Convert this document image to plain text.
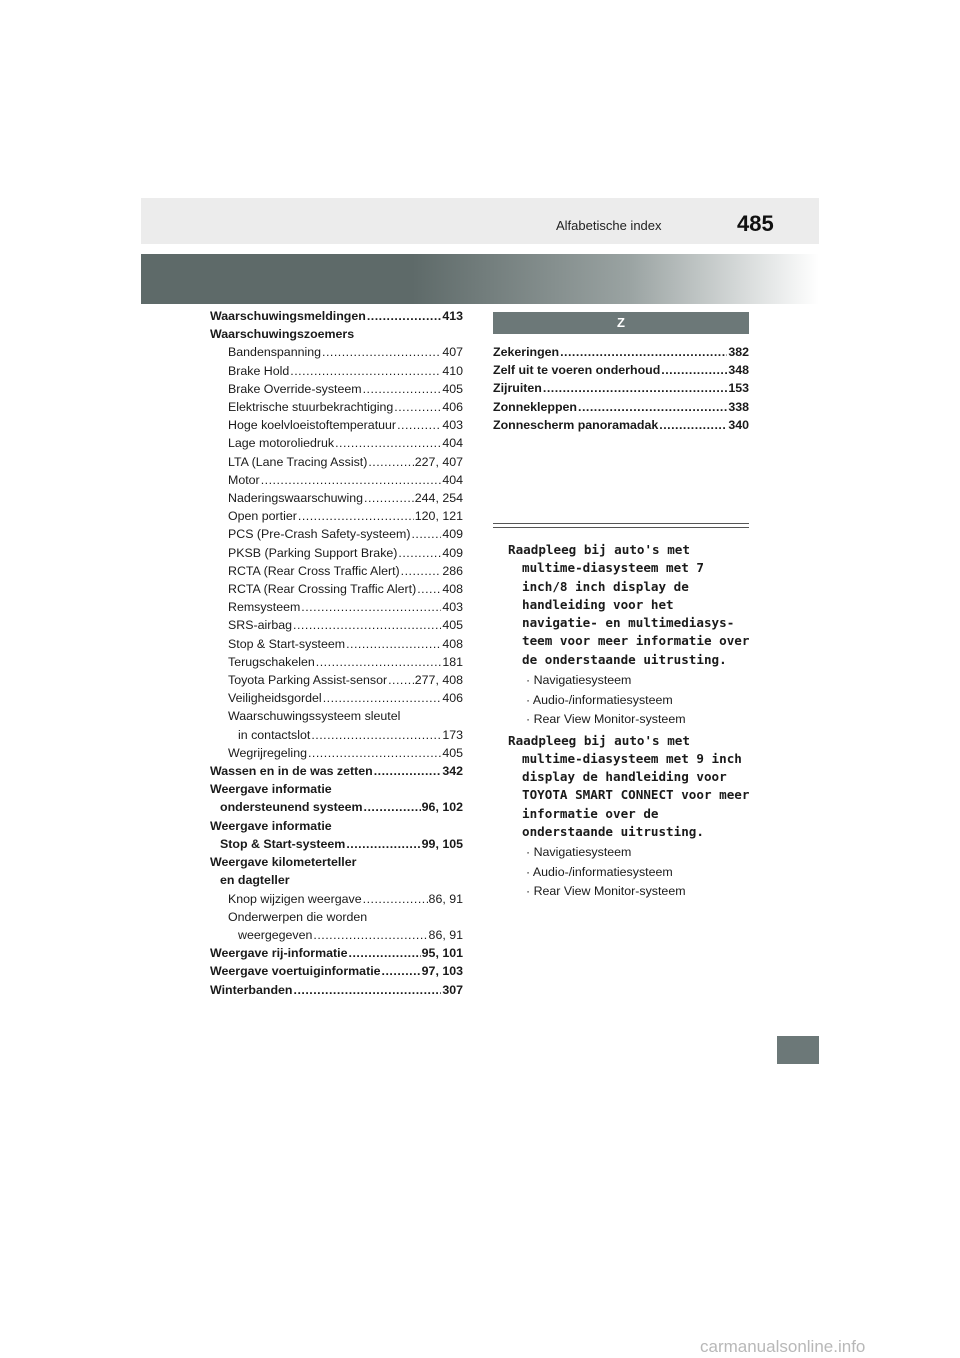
Alfabetische index	485
Waarschuwingsmeldingen .....	413
Waarschuwingszoemers
Bandenspanning .....	407
Brake Hold .....	410
Brake Override-systeem .....	405
Elektrische stuurbekrachtiging .....	406
Hoge koelvloeistoftemperatuur .....	403
Lage motoroliedruk .....	404
LTA (Lane Tracing Assist) .....	227, 407
Motor .....	404
Naderingswaarschuwing .....	244, 254
Open portier .....	120, 121
PCS (Pre-Crash Safety-systeem) .....	409
PKSB (Parking Support Brake) .....	409
RCTA (Rear Cross Traffic Alert) .....	286
RCTA (Rear Crossing Traffic Alert) ..... 408
Remsysteem .....	403
SRS-airbag .....	405
Stop & Start-systeem .....	408
Terugschakelen .....	181
Toyota Parking Assist-sensor ..... 277, 408
Veiligheidsgordel .....	406
Waarschuwingssysteem sleutel
in contactslot .....	173
Wegrijregeling .....	405
Wassen en in de was zetten .....	342
Weergave informatie
ondersteunend systeem .....	96, 102
Weergave informatie
Stop & Start-systeem .....	99, 105
Weergave kilometerteller
en dagteller
Knop wijzigen weergave .....	86, 91
Onderwerpen die worden
weergegeven .....	86, 91
Weergave rij-informatie .....	95, 101
Weergave voertuiginformatie .....	97, 103
Winterbanden .....	307
Z
Zekeringen .....	382
Zelf uit te voeren onderhoud .....	348
Zijruiten .....	153
Zonnekleppen .....	338
Zonnescherm panoramadak .....	340

Raadpleeg bij auto's met multime-diasysteem met 7 inch/8 inch display de handleiding voor het navigatie- en multimediasys-teem voor meer informatie over de onderstaande uitrusting.

· Navigatiesysteem
· Audio-/informatiesysteem
· Rear View Monitor-systeem

Raadpleeg bij auto's met multime-diasysteem met 9 inch display de handleiding voor TOYOTA SMART CONNECT voor meer informatie over de onderstaande uitrusting.

· Navigatiesysteem
· Audio-/informatiesysteem
· Rear View Monitor-systeem
carmanualsonline.info
